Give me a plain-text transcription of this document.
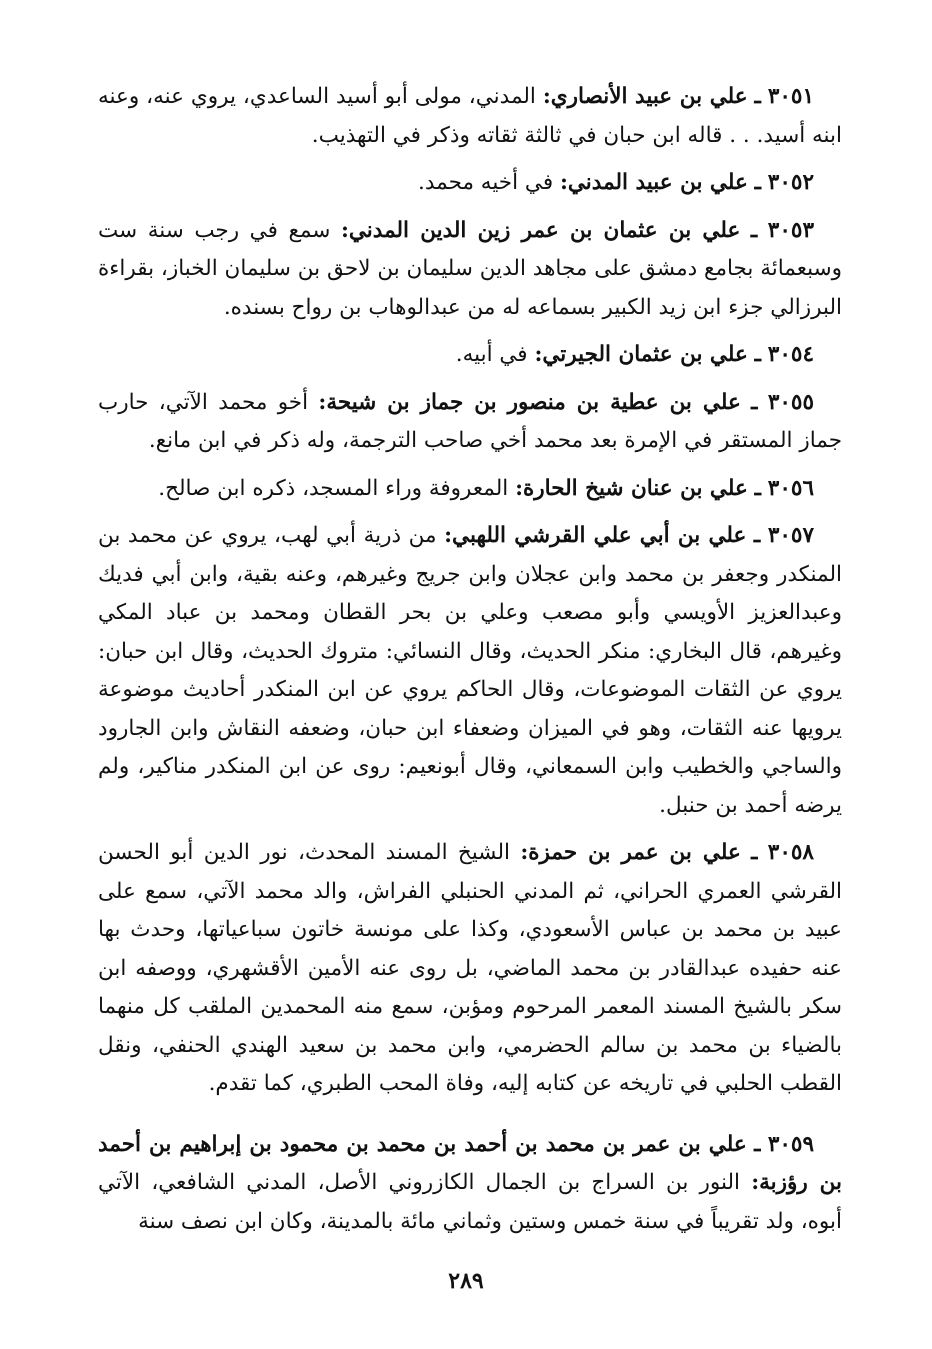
٣٠٥١ ـ علي بن عبيد الأنصاري: المدني، مولى أبو أسيد الساعدي، يروي عنه، وعنه ابنه أسيد. . . قاله ابن حبان في ثالثة ثقاته وذكر في التهذيب.

٣٠٥٢ ـ علي بن عبيد المدني: في أخيه محمد.

٣٠٥٣ ـ علي بن عثمان بن عمر زين الدين المدني: سمع في رجب سنة ست وسبعمائة بجامع دمشق على مجاهد الدين سليمان بن لاحق بن سليمان الخباز، بقراءة البرزالي جزء ابن زيد الكبير بسماعه له من عبدالوهاب بن رواح بسنده.

٣٠٥٤ ـ علي بن عثمان الجيرتي: في أبيه.

٣٠٥٥ ـ علي بن عطية بن منصور بن جماز بن شيحة: أخو محمد الآتي، حارب جماز المستقر في الإمرة بعد محمد أخي صاحب الترجمة، وله ذكر في ابن مانع.

٣٠٥٦ ـ علي بن عنان شيخ الحارة: المعروفة وراء المسجد، ذكره ابن صالح.

٣٠٥٧ ـ علي بن أبي علي القرشي اللهبي: من ذرية أبي لهب، يروي عن محمد بن المنكدر وجعفر بن محمد وابن عجلان وابن جريج وغيرهم، وعنه بقية، وابن أبي فديك وعبدالعزيز الأويسي وأبو مصعب وعلي بن بحر القطان ومحمد بن عباد المكي وغيرهم، قال البخاري: منكر الحديث، وقال النسائي: متروك الحديث، وقال ابن حبان: يروي عن الثقات الموضوعات، وقال الحاكم يروي عن ابن المنكدر أحاديث موضوعة يرويها عنه الثقات، وهو في الميزان وضعفاء ابن حبان، وضعفه النقاش وابن الجارود والساجي والخطيب وابن السمعاني، وقال أبونعيم: روى عن ابن المنكدر مناكير، ولم يرضه أحمد بن حنبل.

٣٠٥٨ ـ علي بن عمر بن حمزة: الشيخ المسند المحدث، نور الدين أبو الحسن القرشي العمري الحراني، ثم المدني الحنبلي الفراش، والد محمد الآتي، سمع على عبيد بن محمد بن عباس الأسعودي، وكذا على مونسة خاتون سباعياتها، وحدث بها عنه حفيده عبدالقادر بن محمد الماضي، بل روى عنه الأمين الأقشهري، ووصفه ابن سكر بالشيخ المسند المعمر المرحوم ومؤبن، سمع منه المحمدين الملقب كل منهما بالضياء بن محمد بن سالم الحضرمي، وابن محمد بن سعيد الهندي الحنفي، ونقل القطب الحلبي في تاريخه عن كتابه إليه، وفاة المحب الطبري، كما تقدم.

٣٠٥٩ ـ علي بن عمر بن محمد بن أحمد بن محمد بن محمود بن إبراهيم بن أحمد بن رؤزبة: النور بن السراج بن الجمال الكازروني الأصل، المدني الشافعي، الآتي أبوه، ولد تقريباً في سنة خمس وستين وثماني مائة بالمدينة، وكان ابن نصف سنة

٢٨٩
